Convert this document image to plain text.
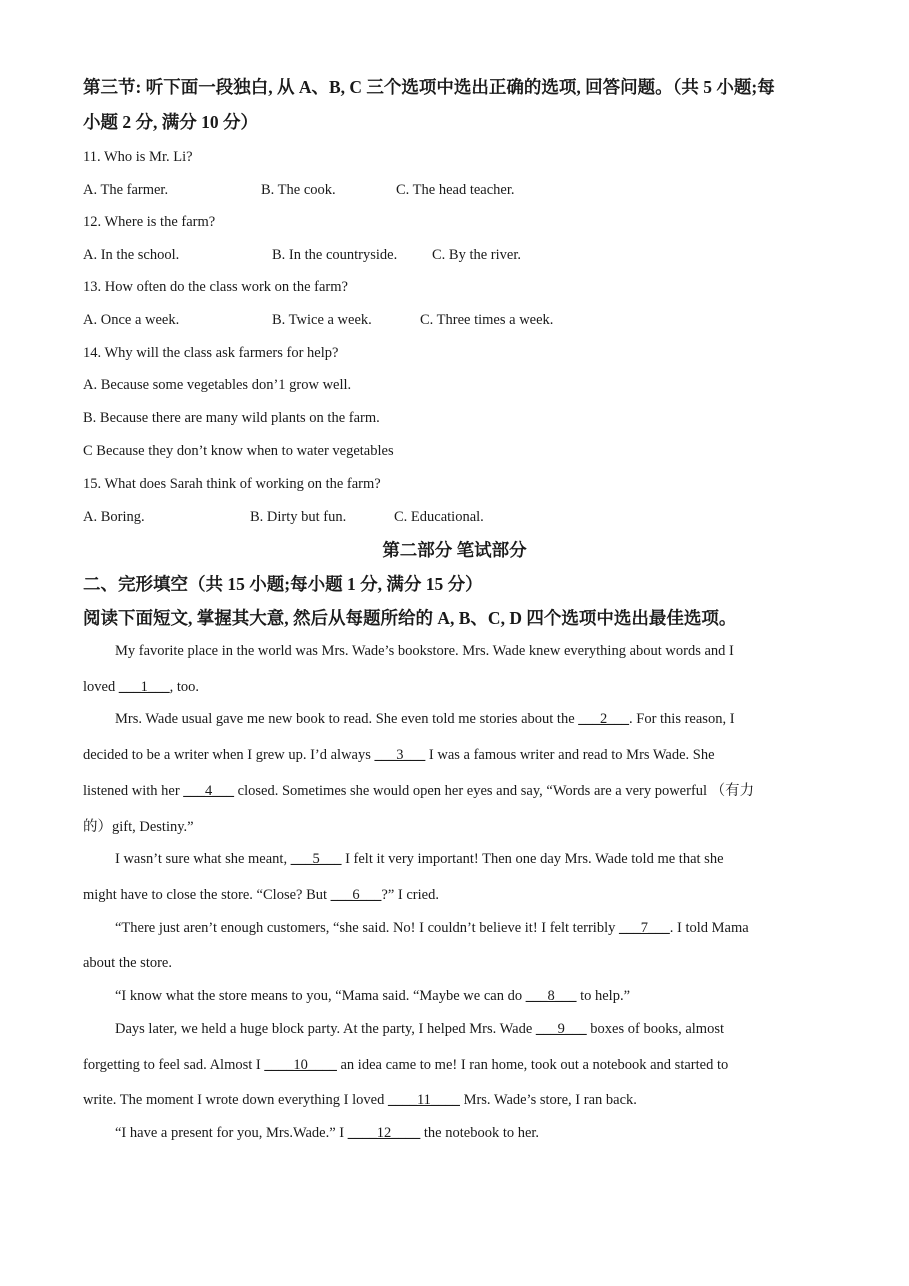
第三节: 听下面一段独白, 从 A、B, C 三个选项中选出正确的选项, 回答问题。（共 5 小题;每
小题 2 分, 满分 10 分）
11. Who is Mr. Li?
A. The farmer.	B. The cook.	C. The head teacher.
12. Where is the farm?
A. In the school.	B. In the countryside. C. By the river.
13. How often do the class work on the farm?
A. Once a week.	B. Twice a week.	C. Three times a week.
14. Why will the class ask farmers for help?
A. Because some vegetables don’1 grow well.
B. Because there are many wild plants on the farm.
C Because they don’t know when to water vegetables
15. What does Sarah think of working on the farm?
A. Boring.	B. Dirty but fun.	C. Educational.
第二部分 笔试部分
二、完形填空（共 15 小题;每小题 1 分, 满分 15 分）
阅读下面短文, 掌握其大意, 然后从每题所给的 A, B、C, D 四个选项中选出最佳选项。
My favorite place in the world was Mrs. Wade’s bookstore. Mrs. Wade knew everything about words and I
loved ___1___, too.
Mrs. Wade usual gave me new book to read. She even told me stories about the ___2___. For this reason, I
decided to be a writer when I grew up. I’d always ___3___ I was a famous writer and read to Mrs Wade. She
listened with her ___4___ closed. Sometimes she would open her eyes and say, “Words are a very powerful （有力
的）gift, Destiny.”
I wasn’t sure what she meant, ___5___ I felt it very important! Then one day Mrs. Wade told me that she
might have to close the store. “Close? But ___6___?” I cried.
“There just aren’t enough customers, “she said. No! I couldn’t believe it! I felt terribly ___7___. I told Mama
about the store.
“I know what the store means to you, “Mama said. “Maybe we can do ___8___ to help.”
Days later, we held a huge block party. At the party, I helped Mrs. Wade ___9___ boxes of books, almost
forgetting to feel sad. Almost I ____10____ an idea came to me! I ran home, took out a notebook and started to
write. The moment I wrote down everything I loved ____11____ Mrs. Wade’s store, I ran back.
“I have a present for you, Mrs.Wade.” I ____12____ the notebook to her.
